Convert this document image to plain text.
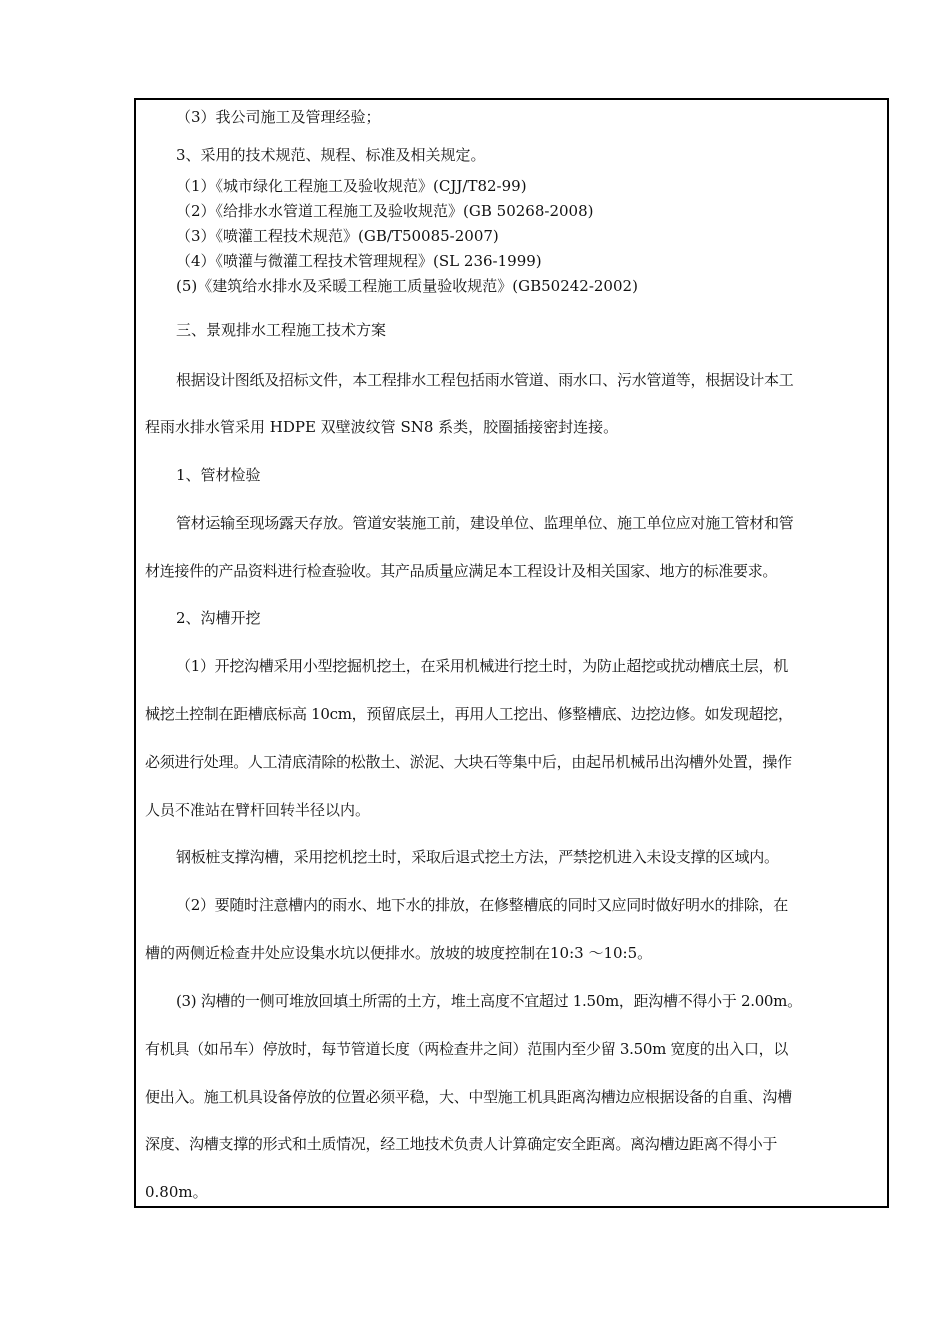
（3）我公司施工及管理经验；
3、采用的技术规范、规程、标准及相关规定。
（1）《城市绿化工程施工及验收规范》(CJJ/T82-99)
（2）《给排水水管道工程施工及验收规范》(GB 50268-2008)
（3）《喷灌工程技术规范》(GB/T50085-2007)
（4）《喷灌与微灌工程技术管理规程》(SL 236-1999)
(5)《建筑给水排水及采暖工程施工质量验收规范》(GB50242-2002)
三、景观排水工程施工技术方案
根据设计图纸及招标文件，本工程排水工程包括雨水管道、雨水口、污水管道等，根据设计本工
程雨水排水管采用 HDPE 双壁波纹管 SN8 系类，胶圈插接密封连接。
1、管材检验
管材运输至现场露天存放。管道安装施工前，建设单位、监理单位、施工单位应对施工管材和管
材连接件的产品资料进行检查验收。其产品质量应满足本工程设计及相关国家、地方的标准要求。
2、沟槽开挖
（1）开挖沟槽采用小型挖掘机挖土，在采用机械进行挖土时，为防止超挖或扰动槽底土层，机
械挖土控制在距槽底标高 10cm，预留底层土，再用人工挖出、修整槽底、边挖边修。如发现超挖，
必须进行处理。人工清底清除的松散土、淤泥、大块石等集中后，由起吊机械吊出沟槽外处置，操作
人员不准站在臂杆回转半径以内。
钢板桩支撑沟槽，采用挖机挖土时，采取后退式挖土方法，严禁挖机进入未设支撑的区域内。
（2）要随时注意槽内的雨水、地下水的排放，在修整槽底的同时又应同时做好明水的排除，在
槽的两侧近检查井处应设集水坑以便排水。放坡的坡度控制在10:3 ～10:5。
(3) 沟槽的一侧可堆放回填土所需的土方，堆土高度不宜超过 1.50m，距沟槽不得小于 2.00m。
有机具（如吊车）停放时，每节管道长度（两检查井之间）范围内至少留 3.50m 宽度的出入口，以
便出入。施工机具设备停放的位置必须平稳，大、中型施工机具距离沟槽边应根据设备的自重、沟槽
深度、沟槽支撑的形式和土质情况，经工地技术负责人计算确定安全距离。离沟槽边距离不得小于
0.80m。
